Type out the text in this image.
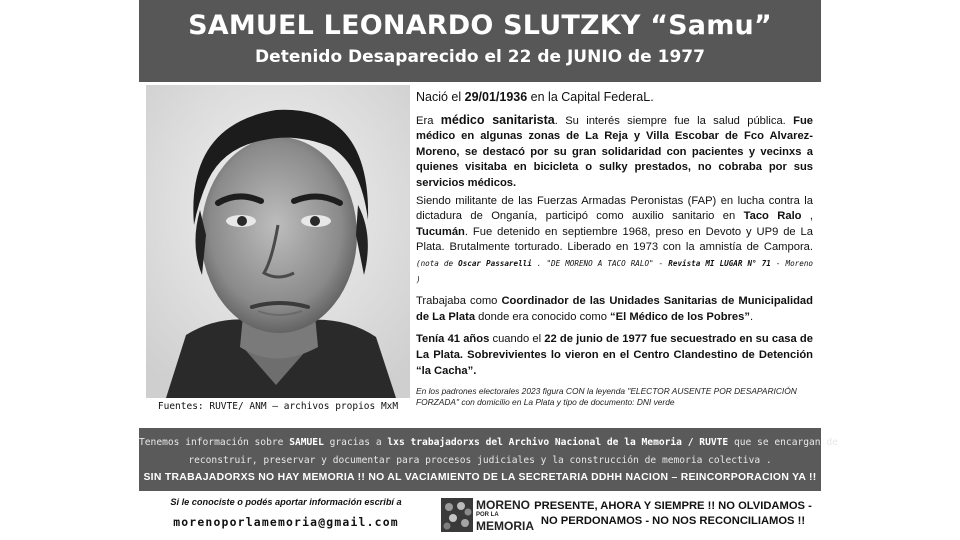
SAMUEL LEONARDO SLUTZKY “Samu”
Detenido Desaparecido el 22 de JUNIO de 1977
Fuentes: RUVTE/ ANM – archivos propios MxM

Nació el 29/01/1936 en la Capital FederaL.

Era médico sanitarista. Su interés siempre fue la salud pública. Fue médico en algunas zonas de La Reja y Villa Escobar de Fco Alvarez-Moreno, se destacó por su gran solidaridad con pacientes y vecinxs a quienes visitaba en bicicleta o sulky prestados, no cobraba por sus servicios médicos.

Siendo militante de las Fuerzas Armadas Peronistas (FAP) en lucha contra la dictadura de Onganía, participó como auxilio sanitario en Taco Ralo , Tucumán. Fue detenido en septiembre 1968, preso en Devoto y UP9 de La Plata. Brutalmente torturado. Liberado en 1973 con la amnistía de Campora. (nota de Oscar Passarelli . "DE MORENO A TACO RALO" - Revista MI LUGAR N° 71 - Moreno )

Trabajaba como Coordinador de las Unidades Sanitarias de Municipalidad de La Plata donde era conocido como “El Médico de los Pobres”.

Tenía 41 años cuando el 22 de junio de 1977 fue secuestrado en su casa de La Plata. Sobrevivientes lo vieron en el Centro Clandestino de Detención “la Cacha”.

En los padrones electorales 2023 figura CON la leyenda "ELECTOR AUSENTE POR DESAPARICIÓN FORZADA" con domicilio en La Plata y tipo de documento: DNI verde
Tenemos información sobre SAMUEL gracias a lxs trabajadorxs del Archivo Nacional de la Memoria / RUVTE que se encargan de
reconstruir, preservar y documentar para procesos judiciales y la construcción de memoria colectiva .
SIN TRABAJADORXS NO HAY MEMORIA !! NO AL VACIAMIENTO DE LA SECRETARIA DDHH NACION – REINCORPORACION YA !!
Si le conociste o podés aportar información escribí a
morenoporlamemoria@gmail.com
MORENO
POR LA
MEMORIA
PRESENTE, AHORA Y SIEMPRE !! NO OLVIDAMOS -
NO PERDONAMOS - NO NOS RECONCILIAMOS !!
